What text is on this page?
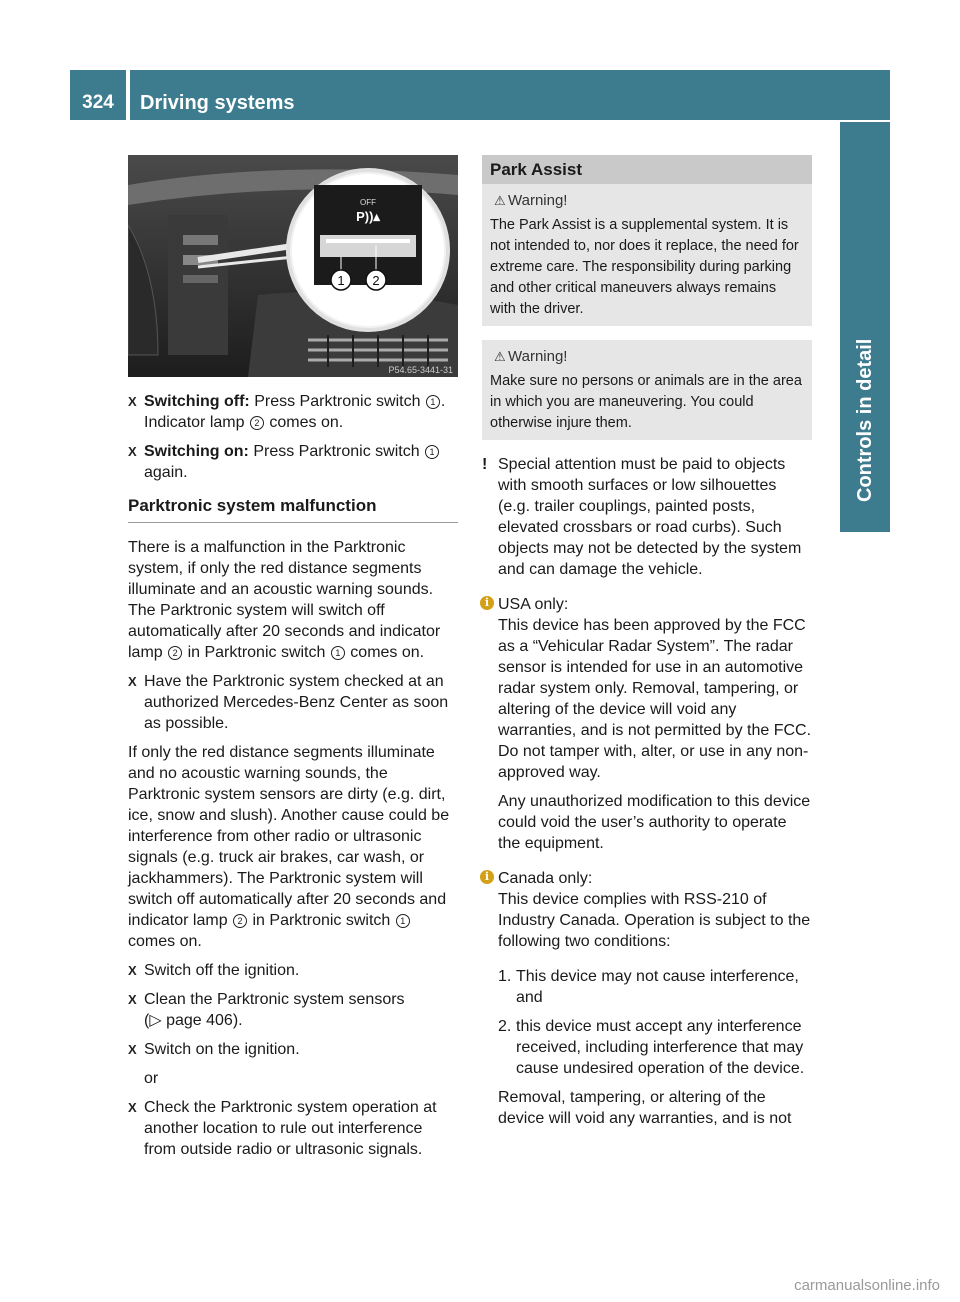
324	Driving systems
Controls in detail
OFF
P))▴
1 2
P54.65-3441-31
X Switching off: Press Parktronic switch 1 .
Indicator lamp 2 comes on.
X Switching on: Press Parktronic switch 1 again.
Parktronic system malfunction

There is a malfunction in the Parktronic system, if only the red distance segments illuminate and an acoustic warning sounds. The Parktronic system will switch off automatically after 20 seconds and indicator lamp 2 in Parktronic switch 1 comes on.

X Have the Parktronic system checked at an authorized Mercedes-Benz Center as soon as possible.

If only the red distance segments illuminate and no acoustic warning sounds, the Parktronic system sensors are dirty (e.g. dirt, ice, snow and slush). Another cause could be interference from other radio or ultrasonic signals (e.g. truck air brakes, car wash, or jackhammers). The Parktronic system will switch off automatically after 20 seconds and indicator lamp 2 in Parktronic switch 1
comes on.

X Switch off the ignition.
X Clean the Parktronic system sensors
(▷ page 406).
X Switch on the ignition.

or

X Check the Parktronic system operation at another location to rule out interference from outside radio or ultrasonic signals.
Park Assist
⚠ Warning!
The Park Assist is a supplemental system. It is not intended to, nor does it replace, the need for extreme care. The responsibility during parking and other critical maneuvers always remains with the driver.
⚠ Warning!
Make sure no persons or animals are in the area in which you are maneuvering. You could otherwise injure them.
! Special attention must be paid to objects with smooth surfaces or low silhouettes (e.g. trailer couplings, painted posts, elevated crossbars or road curbs). Such objects may not be detected by the system and can damage the vehicle.
i USA only:

This device has been approved by the FCC as a “Vehicular Radar System”. The radar sensor is intended for use in an automotive radar system only. Removal, tampering, or altering of the device will void any warranties, and is not permitted by the FCC. Do not tamper with, alter, or use in any non-approved way.

Any unauthorized modification to this device could void the user’s authority to operate the equipment.

i Canada only:

This device complies with RSS-210 of Industry Canada. Operation is subject to the following two conditions:

1. This device may not cause interference, and
2. this device must accept any interference received, including interference that may cause undesired operation of the device.

Removal, tampering, or altering of the device will void any warranties, and is not

carmanualsonline.info
